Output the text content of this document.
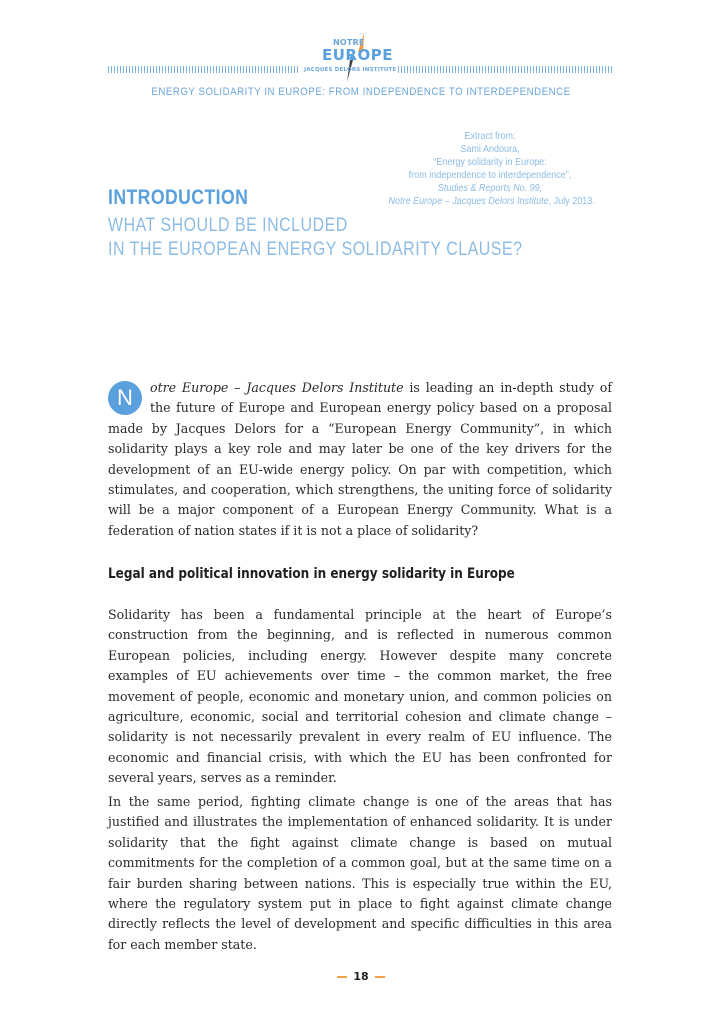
NOTRE
EUROPE
JACQUES DELORS INSTITUTE
ENERGY SOLIDARITY IN EUROPE: FROM INDEPENDENCE TO INTERDEPENDENCE
Extract from:
Sami Andoura,
“Energy solidarity in Europe:
from independence to interdependence”,
Studies & Reports No. 99,
Notre Europe – Jacques Delors Institute, July 2013.
INTRODUCTION
WHAT SHOULD BE INCLUDED
IN THE EUROPEAN ENERGY SOLIDARITY CLAUSE?
N	otre Europe – Jacques Delors Institute is leading an in-depth study of the future of Europe and European energy policy based on a proposal made by Jacques Delors for a “European Energy Community”, in which solidarity plays a key role and may later be one of the key drivers for the development of an EU-wide energy policy. On par with competition, which stimulates, and cooperation, which strengthens, the uniting force of solidarity will be a major component of a European Energy Community. What is a federation of nation states if it is not a place of solidarity?
Legal and political innovation in energy solidarity in Europe
Solidarity has been a fundamental principle at the heart of Europe’s construction from the beginning, and is reflected in numerous common European policies, including energy. However despite many concrete examples of EU achievements over time – the common market, the free movement of people, economic and monetary union, and common policies on agriculture, economic, social and territorial cohesion and climate change – solidarity is not necessarily prevalent in every realm of EU influence. The economic and financial crisis, with which the EU has been confronted for several years, serves as a reminder.
In the same period, fighting climate change is one of the areas that has justified and illustrates the implementation of enhanced solidarity. It is under solidarity that the fight against climate change is based on mutual commitments for the completion of a common goal, but at the same time on a fair burden sharing between nations. This is especially true within the EU, where the regulatory system put in place to fight against climate change directly reflects the level of development and specific difficulties in this area for each member state.
18
